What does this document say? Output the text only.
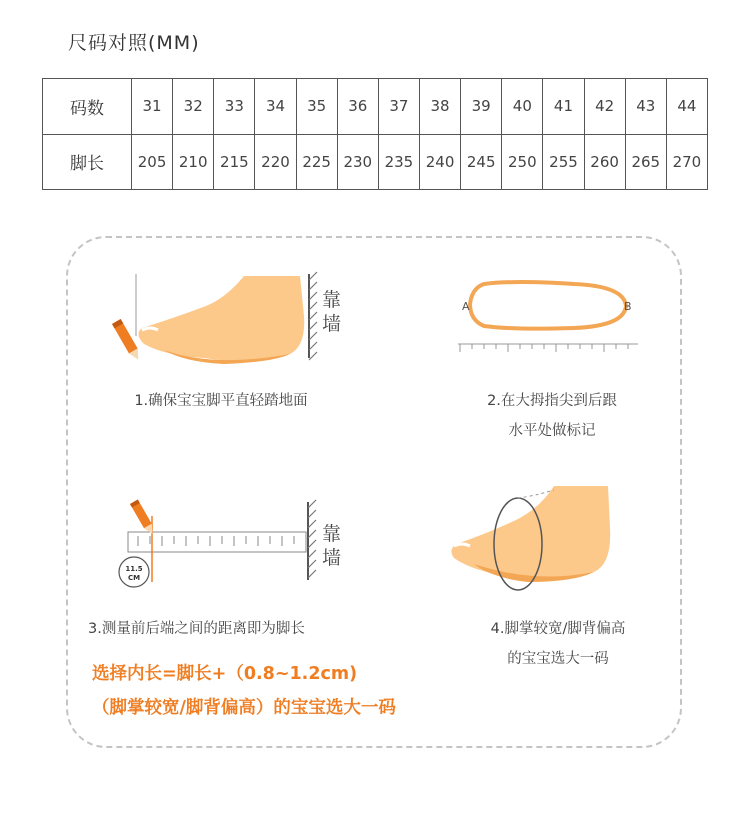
尺码对照(MM)
码数	31	32	33	34	35	36	37	38	39	40	41	42	43	44
脚长	205	210	215	220	225	230	235	240	245	250	255	260	265	270
靠
墙
1.确保宝宝脚平直轻踏地面
A	B
2.在大拇指尖到后跟
水平处做标记
11.5
CM
靠
墙
3.测量前后端之间的距离即为脚长	4.脚掌较宽/脚背偏高
的宝宝选大一码
选择内长=脚长+（0.8~1.2cm)
（脚掌较宽/脚背偏高）的宝宝选大一码
